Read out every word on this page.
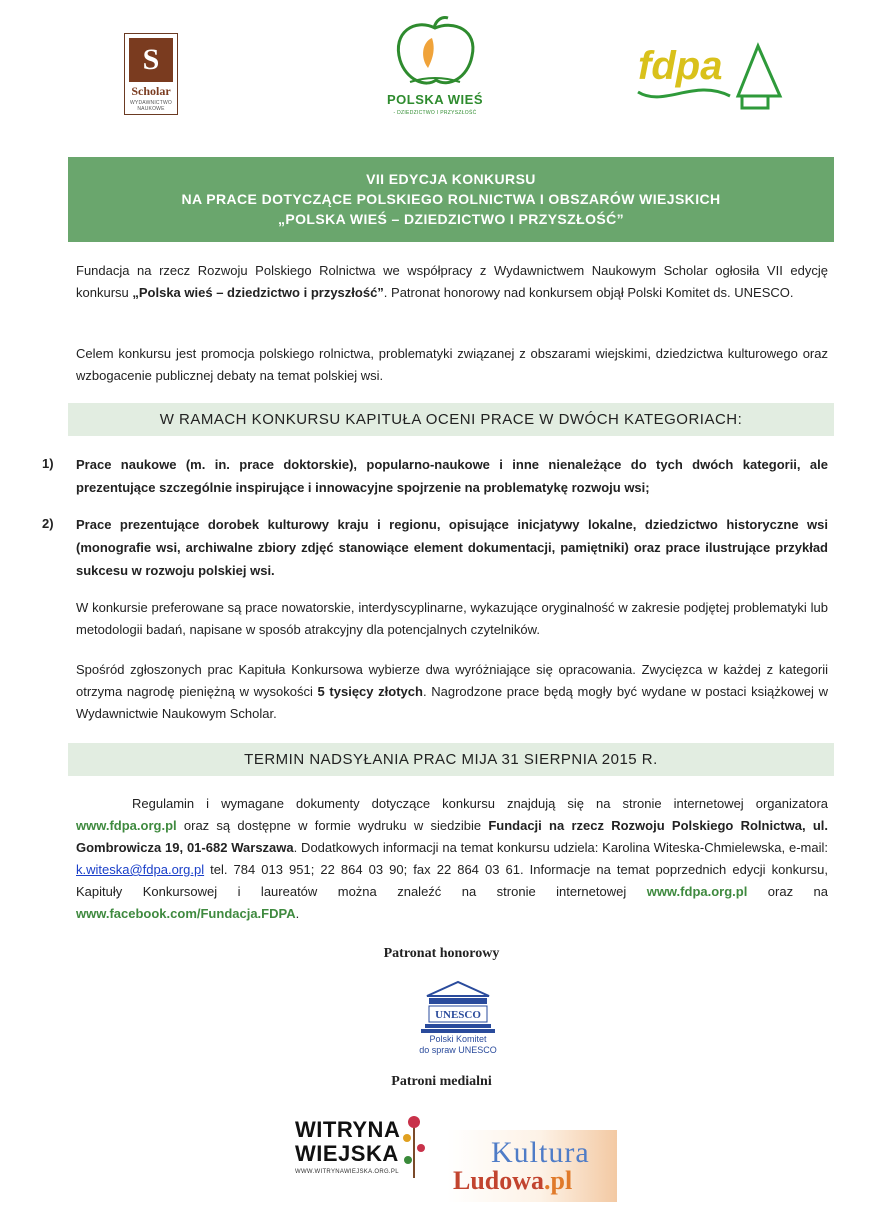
S
Scholar
WYDAWNICTWO NAUKOWE
POLSKA WIEŚ
- DZIEDZICTWO I PRZYSZŁOŚĆ
fdpa
VII EDYCJA KONKURSU
NA PRACE DOTYCZĄCE POLSKIEGO ROLNICTWA I OBSZARÓW WIEJSKICH
„POLSKA WIEŚ – DZIEDZICTWO I PRZYSZŁOŚĆ”
Fundacja na rzecz Rozwoju Polskiego Rolnictwa we współpracy z Wydawnictwem Naukowym Scholar ogłosiła VII edycję konkursu „Polska wieś – dziedzictwo i przyszłość”. Patronat honorowy nad konkursem objął Polski Komitet ds. UNESCO.
Celem konkursu jest promocja polskiego rolnictwa, problematyki związanej z obszarami wiejskimi, dziedzictwa kulturowego oraz wzbogacenie publicznej debaty na temat polskiej wsi.
W RAMACH KONKURSU KAPITUŁA OCENI PRACE W DWÓCH KATEGORIACH:
1) Prace naukowe (m. in. prace doktorskie), popularno-naukowe i inne nienależące do tych dwóch kategorii, ale prezentujące szczególnie inspirujące i innowacyjne spojrzenie na problematykę rozwoju wsi;
2) Prace prezentujące dorobek kulturowy kraju i regionu, opisujące inicjatywy lokalne, dziedzictwo historyczne wsi (monografie wsi, archiwalne zbiory zdjęć stanowiące element dokumentacji, pamiętniki) oraz prace ilustrujące przykład sukcesu w rozwoju polskiej wsi.
W konkursie preferowane są prace nowatorskie, interdyscyplinarne, wykazujące oryginalność w zakresie podjętej problematyki lub metodologii badań, napisane w sposób atrakcyjny dla potencjalnych czytelników.
Spośród zgłoszonych prac Kapituła Konkursowa wybierze dwa wyróżniające się opracowania. Zwycięzca w każdej z kategorii otrzyma nagrodę pieniężną w wysokości 5 tysięcy złotych. Nagrodzone prace będą mogły być wydane w postaci książkowej w Wydawnictwie Naukowym Scholar.
TERMIN NADSYŁANIA PRAC MIJA 31 SIERPNIA 2015 R.
Regulamin i wymagane dokumenty dotyczące konkursu znajdują się na stronie internetowej organizatora www.fdpa.org.pl oraz są dostępne w formie wydruku w siedzibie Fundacji na rzecz Rozwoju Polskiego Rolnictwa, ul. Gombrowicza 19, 01-682 Warszawa. Dodatkowych informacji na temat konkursu udziela: Karolina Witeska-Chmielewska, e-mail: k.witeska@fdpa.org.pl tel. 784 013 951; 22 864 03 90; fax 22 864 03 61. Informacje na temat poprzednich edycji konkursu, Kapituły Konkursowej i laureatów można znaleźć na stronie internetowej www.fdpa.org.pl oraz na www.facebook.com/Fundacja.FDPA.
Patronat honorowy
UNESCO
Polski Komitet
do spraw UNESCO
Patroni medialni
WITRYNA
WIEJSKA
WWW.WITRYNAWIEJSKA.ORG.PL
Kultura
Ludowa.pl
